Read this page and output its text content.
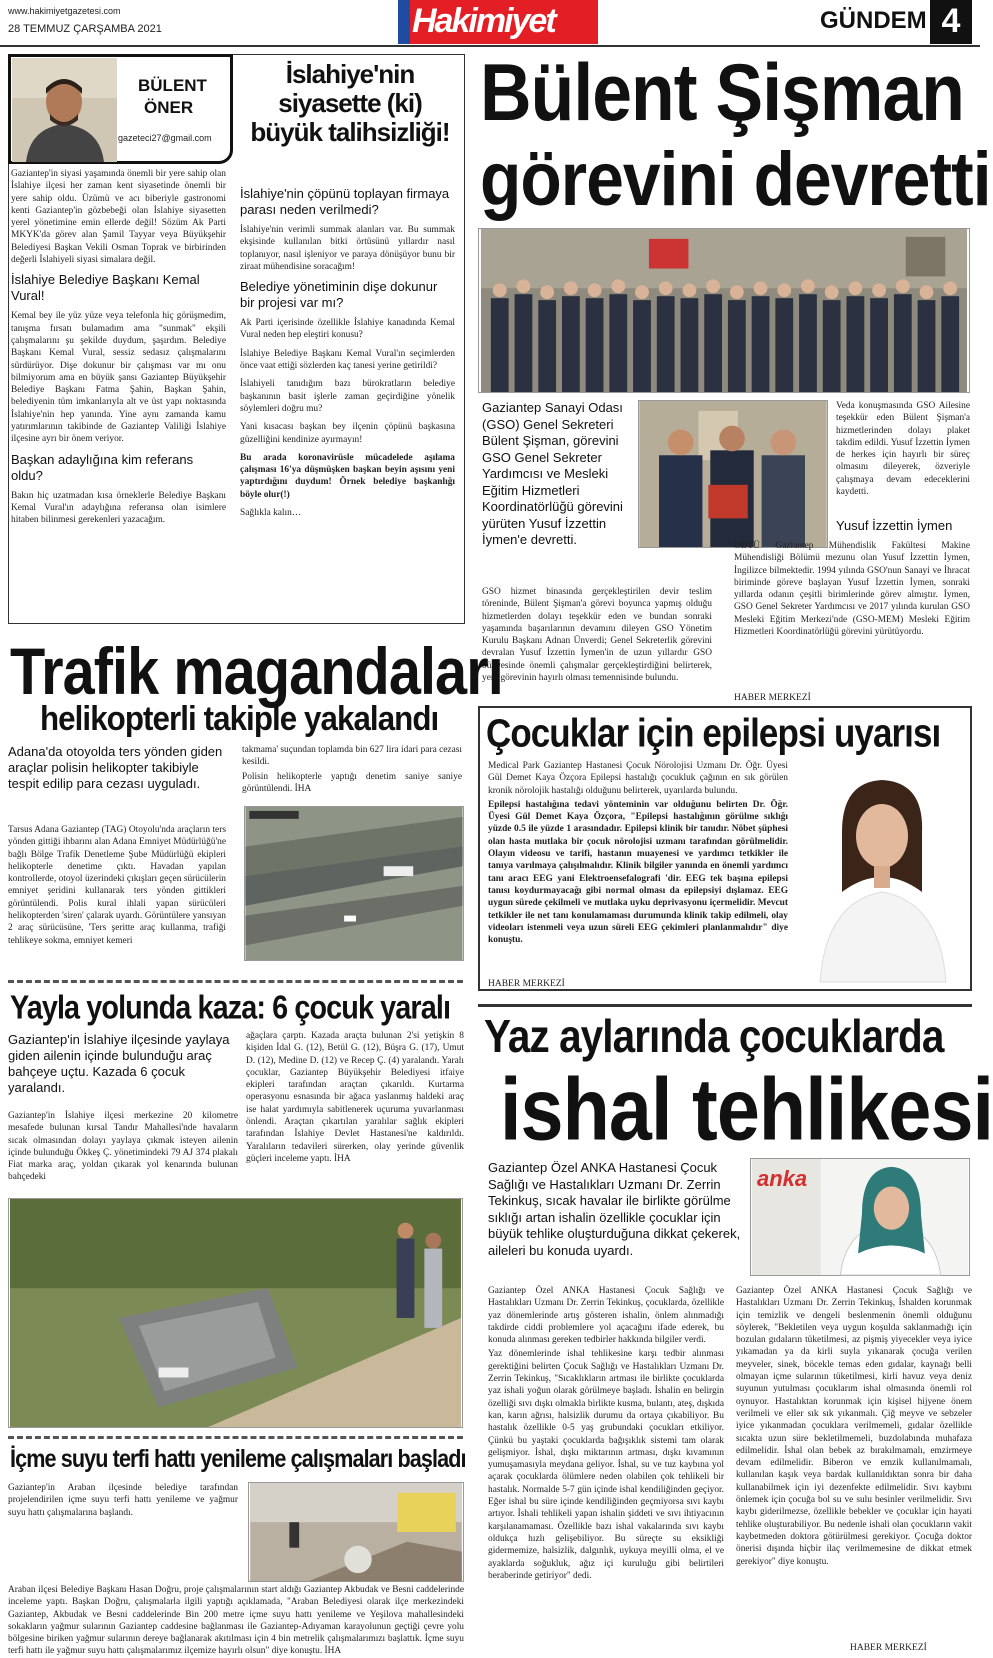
www.hakimiyetgazetesi.com
28 TEMMUZ ÇARŞAMBA 2021	Hakimiyet	GÜNDEM 4
BÜLENT
ÖNER
gazeteci27@gmail.com
İslahiye'nin siyasette (ki) büyük talihsizliği!

Gaziantep'in siyasi yaşamında önemli bir yere sahip olan İslahiye ilçesi her zaman kent siyasetinde önemli bir yere sahip oldu. Üzümü ve acı biberiyle gastronomi kenti Gaziantep'in gözbebeği olan İslahiye siyasetten yerel yönetimine emin ellerde değil! Sözüm Ak Parti MKYK'da görev alan Şamil Tayyar veya Büyükşehir Belediyesi Başkan Vekili Osman Toprak ve birbirinden değerli İslahiyeli siyasi simalara değil.

İslahiye Belediye Başkanı Kemal Vural!

Kemal bey ile yüz yüze veya telefonla hiç görüşmedim, tanışma fırsatı bulamadım ama "sunmak" ekşili çalışmalarını şu şekilde duydum, şaşırdım. Belediye Başkanı Kemal Vural, sessiz sedasız çalışmalarını sürdürüyor. Dişe dokunur bir çalışması var mı onu bilmiyorum ama en büyük şansı Gaziantep Büyükşehir Belediye Başkanı Fatma Şahin, Başkan Şahin, belediyenin tüm imkanlarıyla alt ve üst yapı noktasında İslahiye'nin hep yanında. Yine aynı zamanda kamu yatırımlarının takibinde de Gaziantep Valiliği İslahiye ilçesine ayrı bir önem veriyor.

Başkan adaylığına kim referans oldu?

Bakın hiç uzatmadan kısa örneklerle Belediye Başkanı Kemal Vural'ın adaylığına referansa olan isimlere hitaben bilinmesi gerekenleri yazacağım.

İslahiye'nin çöpünü toplayan firmaya parası neden verilmedi?

İslahiye'nin verimli summak alanları var. Bu summak ekşisinde kullanılan bitki örtüsünü yıllardır nasıl toplanıyor, nasıl işleniyor ve paraya dönüşüyor bunu bir ziraat mühendisine soracağım!

Belediye yönetiminin dişe dokunur bir projesi var mı?

Ak Parti içerisinde özellikle İslahiye kanadında Kemal Vural neden hep eleştiri konusu?

İslahiye Belediye Başkanı Kemal Vural'ın seçimlerden önce vaat ettiği sözlerden kaç tanesi yerine getirildi?

İslahiyeli tanıdığım bazı bürokratların belediye başkanının basit işlerle zaman geçirdiğine yönelik söylemleri doğru mu?

Yani kısacası başkan bey ilçenin çöpünü başkasına güzelliğini kendinize ayırmayın!

Bu arada koronavirüsle mücadelede aşılama çalışması 16'ya düşmüşken başkan beyin aşısını yeni yaptırdığını duydum! Örnek belediye başkanlığı böyle olur(!)

Sağlıkla kalın…

Bülent Şişman
görevini devretti
Gaziantep Sanayi Odası (GSO) Genel Sekreteri Bülent Şişman, görevini GSO Genel Sekreter Yardımcısı ve Mesleki Eğitim Hizmetleri Koordinatörlüğü görevini yürüten Yusuf İzzettin İymen'e devretti.

Veda konuşmasında GSO Ailesine teşekkür eden Bülent Şişman'a hizmetlerinden dolayı plaket takdim edildi. Yusuf İzzettin İymen de herkes için hayırlı bir süreç olmasını dileyerek, özveriyle çalışmaya devam edeceklerini kaydetti.

Yusuf İzzettin İymen

GSO hizmet binasında gerçekleştirilen devir teslim töreninde, Bülent Şişman'a görevi boyunca yapmış olduğu hizmetlerden dolayı teşekkür eden ve bundan sonraki yaşamında başarılarının devamını dileyen GSO Yönetim Kurulu Başkanı Adnan Ünverdi; Genel Sekreterlik görevini devralan Yusuf İzzettin İymen'in de uzun yıllardır GSO bünyesinde önemli çalışmalar gerçekleştirdiğini belirterek, yeni görevinin hayırlı olması temennisinde bulundu.

ODTÜ Gaziantep Mühendislik Fakültesi Makine Mühendisliği Bölümü mezunu olan Yusuf İzzettin İymen, İngilizce bilmektedir. 1994 yılında GSO'nun Sanayi ve İhracat biriminde göreve başlayan Yusuf İzzettin İymen, sonraki yıllarda odanın çeşitli birimlerinde görev almıştır. İymen, GSO Genel Sekreter Yardımcısı ve 2017 yılında kurulan GSO Mesleki Eğitim Merkezi'nde (GSO-MEM) Mesleki Eğitim Hizmetleri Koordinatörlüğü görevini yürütüyordu.

HABER MERKEZİ
Trafik magandaları
helikopterli takiple yakalandı
Adana'da otoyolda ters yönden giden araçlar polisin helikopter takibiyle tespit edilip para cezası uyguladı.

Tarsus Adana Gaziantep (TAG) Otoyolu'nda araçların ters yönden gittiği ihbarını alan Adana Emniyet Müdürlüğü'ne bağlı Bölge Trafik Denetleme Şube Müdürlüğü ekipleri helikopterle denetime çıktı. Havadan yapılan kontrollerde, otoyol üzerindeki çıkışları geçen sürücülerin emniyet şeridini kullanarak ters yönden gittikleri görüntülendi. Polis kural ihlali yapan sürücüleri helikopterden 'siren' çalarak uyardı. Görüntülere yansıyan 2 araç sürücüsüne, 'Ters şeritte araç kullanma, trafiği tehlikeye sokma, emniyet kemeri

takmama' suçundan toplamda bin 627 lira idari para cezası kesildi.

Polisin helikopterle yaptığı denetim saniye saniye görüntülendi. İHA

Yayla yolunda kaza: 6 çocuk yaralı
Gaziantep'in İslahiye ilçesinde yaylaya giden ailenin içinde bulunduğu araç bahçeye uçtu. Kazada 6 çocuk yaralandı.

Gaziantep'in İslahiye ilçesi merkezine 20 kilometre mesafede bulunan kırsal Tandır Mahallesi'nde havaların sıcak olmasından dolayı yaylaya çıkmak isteyen ailenin içinde bulunduğu Ökkeş Ç. yönetimindeki 79 AJ 374 plakalı Fiat marka araç, yoldan çıkarak yol kenarında bulunan bahçedeki

ağaçlara çarptı. Kazada araçta bulunan 2'si yetişkin 8 kişiden İdal G. (12), Betül G. (12), Büşra G. (17), Umut D. (12), Medine D. (12) ve Recep Ç. (4) yaralandı. Yaralı çocuklar, Gaziantep Büyükşehir Belediyesi itfaiye ekipleri tarafından araçtan çıkarıldı. Kurtarma operasyonu esnasında bir ağaca yaslanmış haldeki araç ise halat yardımıyla sabitlenerek uçuruma yuvarlanması önlendi. Araçtan çıkartılan yaralılar sağlık ekipleri tarafından İslahiye Devlet Hastanesi'ne kaldırıldı. Yaralıların tedavileri sürerken, olay yerinde güvenlik güçleri inceleme yaptı. İHA

İçme suyu terfi hattı yenileme çalışmaları başladı

Gaziantep'in Araban ilçesinde belediye tarafından projelendirilen içme suyu terfi hattı yenileme ve yağmur suyu hattı çalışmalarına başlandı.

Araban ilçesi Belediye Başkanı Hasan Doğru, proje çalışmalarının start aldığı Gaziantep Akbudak ve Besni caddelerinde inceleme yaptı. Başkan Doğru, çalışmalarla ilgili yaptığı açıklamada, "Araban Belediyesi olarak ilçe merkezindeki Gaziantep, Akbudak ve Besni caddelerinde Bin 200 metre içme suyu hattı yenileme ve Yeşilova mahallesindeki sokakların yağmur sularının Gaziantep caddesine bağlanması ile Gaziantep-Adıyaman karayolunun geçtiği çevre yolu bölgesine biriken yağmur sularının dereye bağlanarak akıtılması için 4 bin metrelik çalışmalarımızı başlattık. İçme suyu terfi hattı ile yağmur suyu hattı çalışmalarımız ilçemize hayırlı olsun" diye konuştu. İHA

Çocuklar için epilepsi uyarısı

Medical Park Gaziantep Hastanesi Çocuk Nörolojisi Uzmanı Dr. Öğr. Üyesi Gül Demet Kaya Özçora Epilepsi hastalığı çocukluk çağının en sık görülen kronik nörolojik hastalığı olduğunu belirterek, uyarılarda bulundu.

Epilepsi hastalığına tedavi yönteminin var olduğunu belirten Dr. Öğr. Üyesi Gül Demet Kaya Özçora, "Epilepsi hastalığının görülme sıklığı yüzde 0.5 ile yüzde 1 arasındadır. Epilepsi klinik bir tanıdır. Nöbet şüphesi olan hasta mutlaka bir çocuk nörolojisi uzmanı tarafından görülmelidir. Olayın videosu ve tarifi, hastanın muayenesi ve yardımcı tetkikler ile tanıya varılmaya çalışılmalıdır. Klinik bilgiler yanında en önemli yardımcı tanı aracı EEG yani Elektroensefalografi 'dir. EEG tek başına epilepsi tanısı koydurmayacağı gibi normal olması da epilepsiyi dışlamaz. EEG uygun sürede çekilmeli ve mutlaka uyku deprivasyonu içermelidir. Mevcut tetkikler ile net tanı konulamaması durumunda klinik takip edilmeli, olay videoları istenmeli veya uzun süreli EEG çekimleri planlanmalıdır" diye konuştu.

HABER MERKEZİ
Yaz aylarında çocuklarda
ishal tehlikesi
Gaziantep Özel ANKA Hastanesi Çocuk Sağlığı ve Hastalıkları Uzmanı Dr. Zerrin Tekinkuş, sıcak havalar ile birlikte görülme sıklığı artan ishalin özellikle çocuklar için büyük tehlike oluşturduğuna dikkat çekerek, aileleri bu konuda uyardı.
anka

Gaziantep Özel ANKA Hastanesi Çocuk Sağlığı ve Hastalıkları Uzmanı Dr. Zerrin Tekinkuş, çocuklarda, özellikle yaz dönemlerinde artış gösteren ishalin, önlem alınmadığı takdirde ciddi problemlere yol açacağını ifade ederek, bu konuda alınması gereken tedbirler hakkında bilgiler verdi.

Yaz dönemlerinde ishal tehlikesine karşı tedbir alınması gerektiğini belirten Çocuk Sağlığı ve Hastalıkları Uzmanı Dr. Zerrin Tekinkuş, "Sıcaklıkların artması ile birlikte çocuklarda yaz ishali yoğun olarak görülmeye başladı. İshalin en belirgin özelliği sıvı dışkı olmakla birlikte kusma, bulantı, ateş, dışkıda kan, karın ağrısı, halsizlik durumu da ortaya çıkabiliyor. Bu hastalık özellikle 0-5 yaş grubundaki çocukları etkiliyor. Çünkü bu yaştaki çocuklarda bağışıklık sistemi tam olarak gelişmiyor. İshal, dışkı miktarının artması, dışkı kıvamının yumuşamasıyla meydana geliyor. İshal, su ve tuz kaybına yol açarak çocuklarda ölümlere neden olabilen çok tehlikeli bir hastalık. Normalde 5-7 gün içinde ishal kendiliğinden geçiyor. Eğer ishal bu süre içinde kendiliğinden geçmiyorsa sıvı kaybı artıyor. İshali tehlikeli yapan ishalin şiddeti ve sıvı ihtiyacının karşılanamaması. Özellikle bazı ishal vakalarında sıvı kaybı oldukça hızlı gelişebiliyor. Bu süreçte su eksikliği gidermemize, halsizlik, dalgınlık, uykuya meyilli olma, el ve ayaklarda soğukluk, ağız içi kuruluğu gibi belirtileri beraberinde getiriyor" dedi.

Gaziantep Özel ANKA Hastanesi Çocuk Sağlığı ve Hastalıkları Uzmanı Dr. Zerrin Tekinkuş, İshalden korunmak için temizlik ve dengeli beslenmenin önemli olduğunu söylerek, "Bekletilen veya uygun koşulda saklanmadığı için bozulan gıdaların tüketilmesi, az pişmiş yiyecekler veya iyice yıkamadan ya da kirli suyla yıkanarak çocuğa verilen meyveler, sinek, böcekle temas eden gıdalar, kaynağı belli olmayan içme sularının tüketilmesi, kirli havuz veya deniz suyunun yutulması çocuklarım ishal olmasında önemli rol oynuyor. Hastalıktan korunmak için kişisel hijyene önem verilmeli ve eller sık sık yıkanmalı. Çiğ meyve ve sebzeler iyice yıkanmadan çocuklara verilmemeli, gıdalar özellikle sıcakta uzun süre bekletilmemeli, buzdolabında muhafaza edilmelidir. İshal olan bebek az bırakılmamalı, emzirmeye devam edilmelidir. Biberon ve emzik kullanılmamalı, kullanılan kaşık veya bardak kullanıldıktan sonra bir daha kullanabilmek için iyi dezenfekte edilmelidir. Sıvı kaybını önlemek için çocuğa bol su ve sulu besinler verilmelidir. Sıvı kaybı giderilmezse, özellikle bebekler ve çocuklar için hayati tehlike oluşturabiliyor. Bu nedenle ishali olan çocukların vakit kaybetmeden doktora götürülmesi gerekiyor. Çocuğa doktor önerisi dışında hiçbir ilaç verilmemesine de dikkat etmek gerekiyor" diye konuştu.

HABER MERKEZİ
